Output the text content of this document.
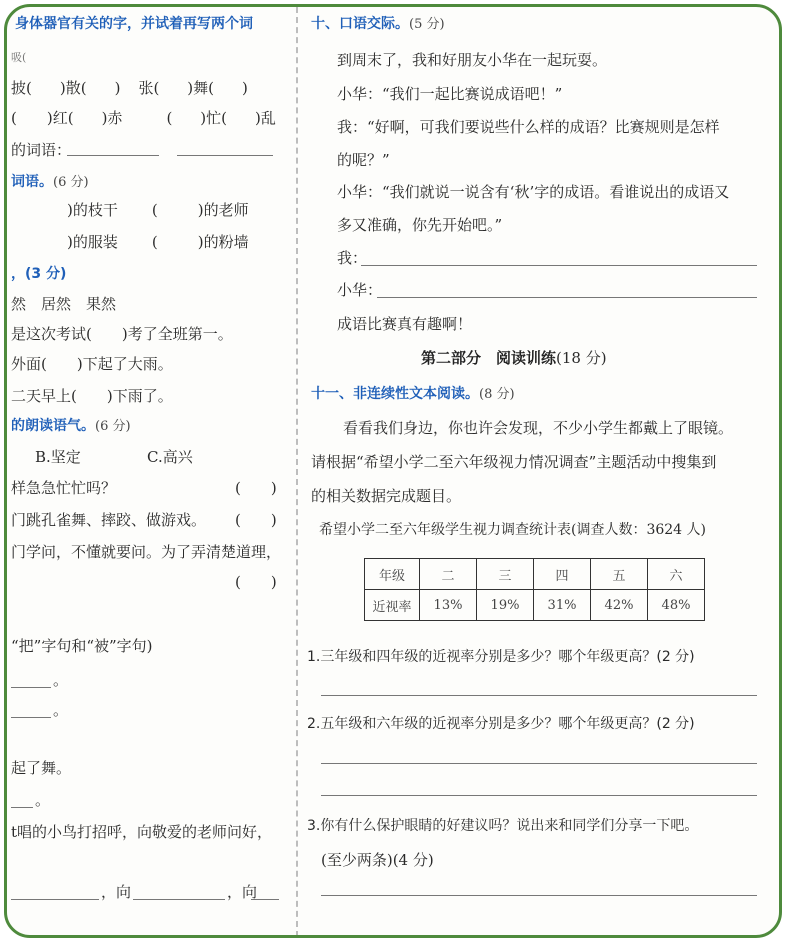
身体器官有关的字，并试着再写两个词
吸(
披( )散( ) 张( )舞( )
( )红( )赤	( )忙( )乱
的词语：
词语。(6 分)
)的枝干 (	)的老师
)的服装 (	)的粉墙
，(3 分)
然　居然　果然
是这次考试(　　)考了全班第一。
外面(　　)下起了大雨。
二天早上(　　)下雨了。
的朗读语气。(6 分)
B.坚定	C.高兴
样急急忙忙吗？	(　　)
门跳孔雀舞、摔跤、做游戏。 (　　)
门学问，不懂就要问。为了弄清楚道理，
(　　)
“把”字句和“被”字句)
。
。
起了舞。
。
t唱的小鸟打招呼，向敬爱的老师问好，
，向	，向
十、口语交际。(5 分)
到周末了，我和好朋友小华在一起玩耍。
小华：“我们一起比赛说成语吧！”
我：“好啊，可我们要说些什么样的成语？比赛规则是怎样
的呢？”
小华：“我们就说一说含有‘秋’字的成语。看谁说出的成语又
多又准确，你先开始吧。”
我：
小华：
成语比赛真有趣啊！
第二部分　阅读训练(18 分)
十一、非连续性文本阅读。(8 分)
看看我们身边，你也许会发现，不少小学生都戴上了眼镜。
请根据“希望小学二至六年级视力情况调查”主题活动中搜集到
的相关数据完成题目。
希望小学二至六年级学生视力调查统计表(调查人数：3624 人)
年级	二	三	四	五	六
近视率	13%	19%	31%	42%	48%
1.三年级和四年级的近视率分别是多少？哪个年级更高？(2 分)
2.五年级和六年级的近视率分别是多少？哪个年级更高？(2 分)
3.你有什么保护眼睛的好建议吗？说出来和同学们分享一下吧。
(至少两条)(4 分)
